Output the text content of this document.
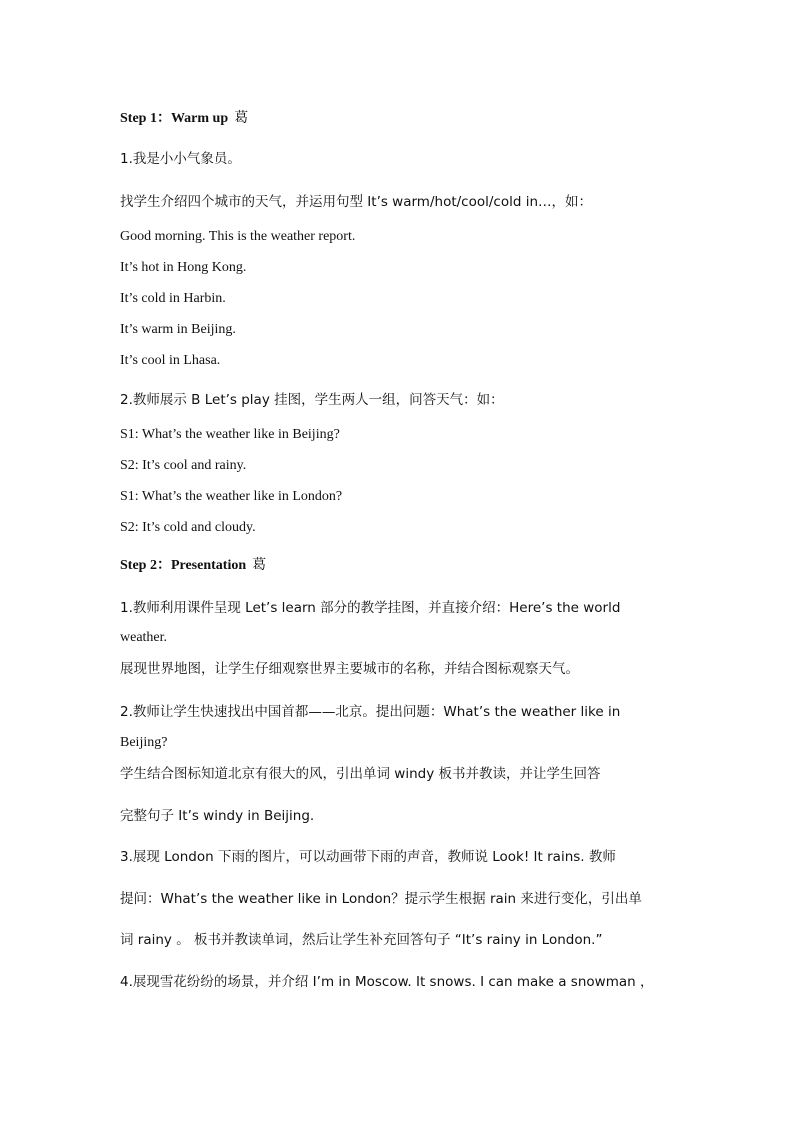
Step 1：Warm up 葛
1.我是小小气象员。
找学生介绍四个城市的天气，并运用句型 It’s warm/hot/cool/cold in…，如：
Good morning. This is the weather report.
It’s hot in Hong Kong.
It’s cold in Harbin.
It’s warm in Beijing.
It’s cool in Lhasa.
2.教师展示 B Let’s play 挂图，学生两人一组，问答天气：如：
S1: What’s the weather like in Beijing?
S2: It’s cool and rainy.
S1: What’s the weather like in London?
S2: It’s cold and cloudy.
Step 2：Presentation 葛
1.教师利用课件呈现 Let’s learn 部分的教学挂图，并直接介绍：Here’s the world
weather.
展现世界地图，让学生仔细观察世界主要城市的名称，并结合图标观察天气。
2.教师让学生快速找出中国首都——北京。提出问题：What’s the weather like in
Beijing?
学生结合图标知道北京有很大的风，引出单词 windy 板书并教读，并让学生回答
完整句子 It’s windy in Beijing.
3.展现 London 下雨的图片，可以动画带下雨的声音，教师说 Look! It rains. 教师
提问：What’s the weather like in London？提示学生根据 rain 来进行变化，引出单
词 rainy 。 板书并教读单词，然后让学生补充回答句子 “It’s rainy in London.”
4.展现雪花纷纷的场景，并介绍 I’m in Moscow. It snows. I can make a snowman ，
